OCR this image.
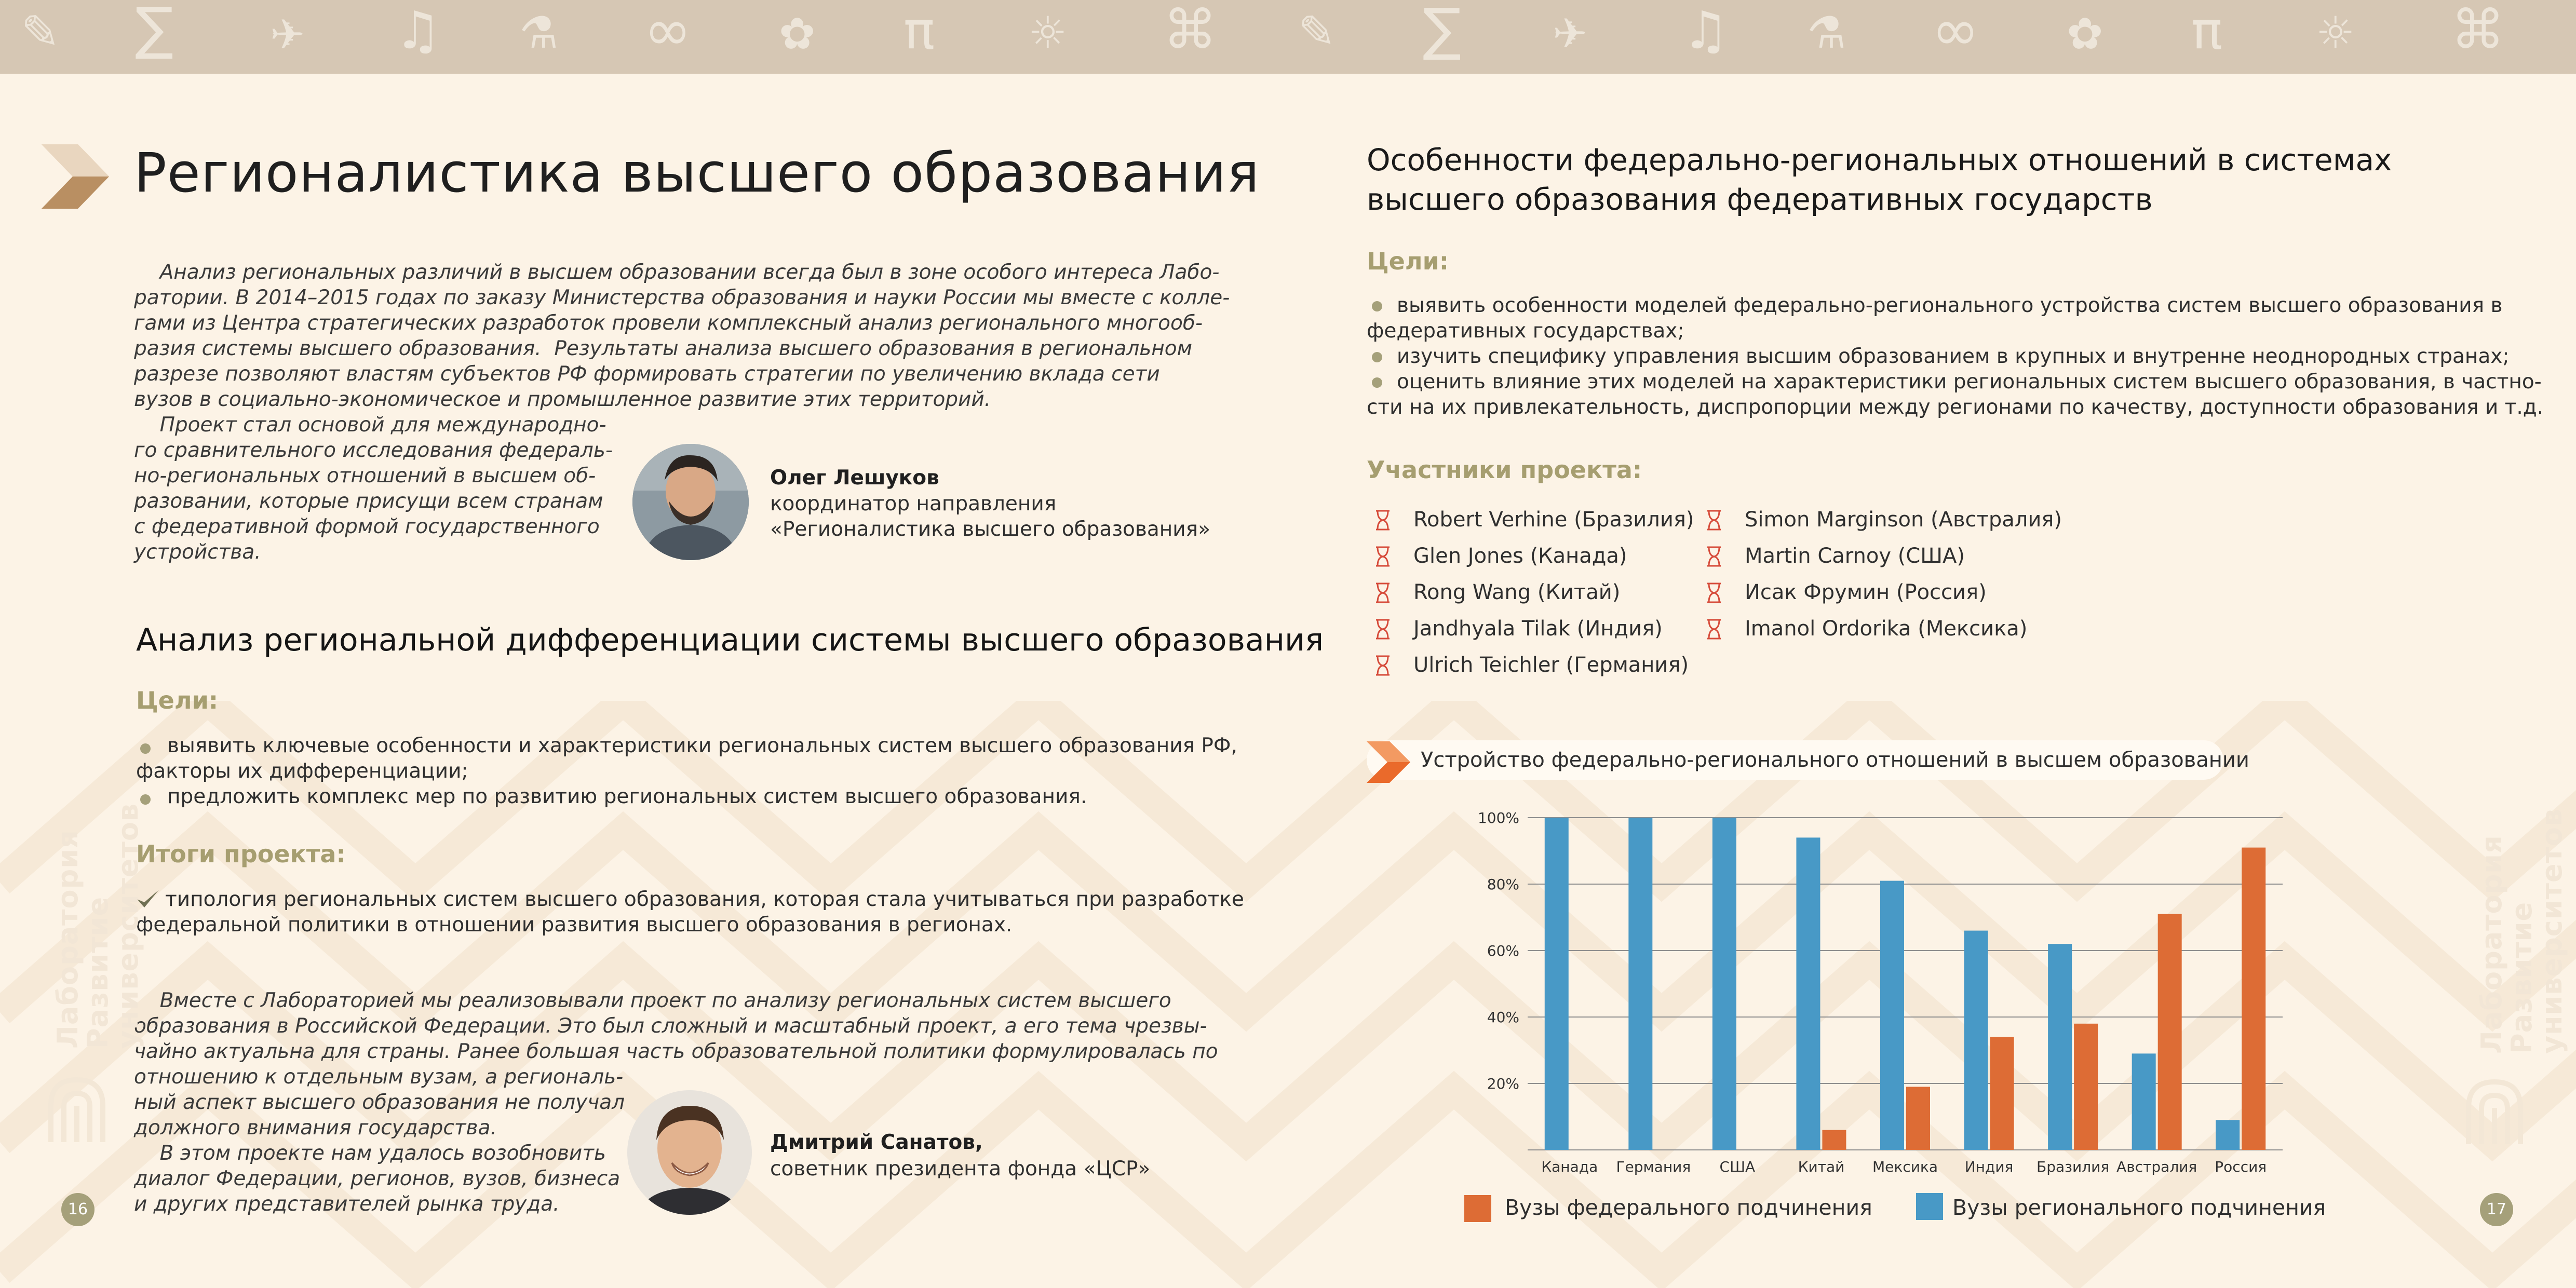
✎ ∑ ✈ ♫ ⚗ ∞ ✿ π ☼ ⌘ ✎ ∑ ✈ ♫ ⚗ ∞ ✿ π ☼ ⌘
Регионалистика высшего образования
Анализ региональных различий в высшем образовании всегда был в зоне особого интереса Лабо-
ратории. В 2014–2015 годах по заказу Министерства образования и науки России мы вместе с колле-
гами из Центра стратегических разработок провели комплексный анализ регионального многооб-
разия системы высшего образования.  Результаты анализа высшего образования в региональном
разрезе позволяют властям субъектов РФ формировать стратегии по увеличению вклада сети
вузов в социально-экономическое и промышленное развитие этих территорий.
Проект стал основой для международно-
го сравнительного исследования федераль-
но-региональных отношений в высшем об-
разовании, которые присущи всем странам
с федеративной формой государственного
устройства.
Олег Лешуков
координатор направления
«Регионалистика высшего образования»
Анализ региональной дифференциации системы высшего образования
Цели:
выявить ключевые особенности и характеристики региональных систем высшего образования РФ,
факторы их дифференциации;
предложить комплекс мер по развитию региональных систем высшего образования.
Итоги проекта:
типология региональных систем высшего образования, которая стала учитываться при разработке
федеральной политики в отношении развития высшего образования в регионах.
Вместе с Лабораторией мы реализовывали проект по анализу региональных систем высшего
образования в Российской Федерации. Это был сложный и масштабный проект, а его тема чрезвы-
чайно актуальна для страны. Ранее большая часть образовательной политики формулировалась по
отношению к отдельным вузам, а региональ-
ный аспект высшего образования не получал
должного внимания государства.
В этом проекте нам удалось возобновить
диалог Федерации, регионов, вузов, бизнеса
и других представителей рынка труда.
Дмитрий Санатов,
советник президента фонда «ЦСР»
Лаборатория
Развитие университетов
16
Особенности федерально-региональных отношений в системах
высшего образования федеративных государств
Цели:
выявить особенности моделей федерально-регионального устройства систем высшего образования в
федеративных государствах;
изучить специфику управления высшим образованием в крупных и внутренне неоднородных странах;
оценить влияние этих моделей на характеристики региональных систем высшего образования, в частно-
сти на их привлекательность, диспропорции между регионами по качеству, доступности образования и т.д.
Участники проекта:
Robert Verhine (Бразилия)
Glen Jones (Канада)
Rong Wang (Китай)
Jandhyala Tilak (Индия)
Ulrich Teichler (Германия)
Simon Marginson (Австралия)
Martin Carnoy (США)
Исак Фрумин (Россия)
Imanol Ordorika (Мексика)
Устройство федерально-регионального отношений в высшем образовании
20%
40%
60%
80%
100%
Канада Германия США	Китай Мексика Индия Бразилия Австралия Россия
Вузы федерального подчинения	Вузы регионального подчинения
Лаборатория
Развитие университетов
17
